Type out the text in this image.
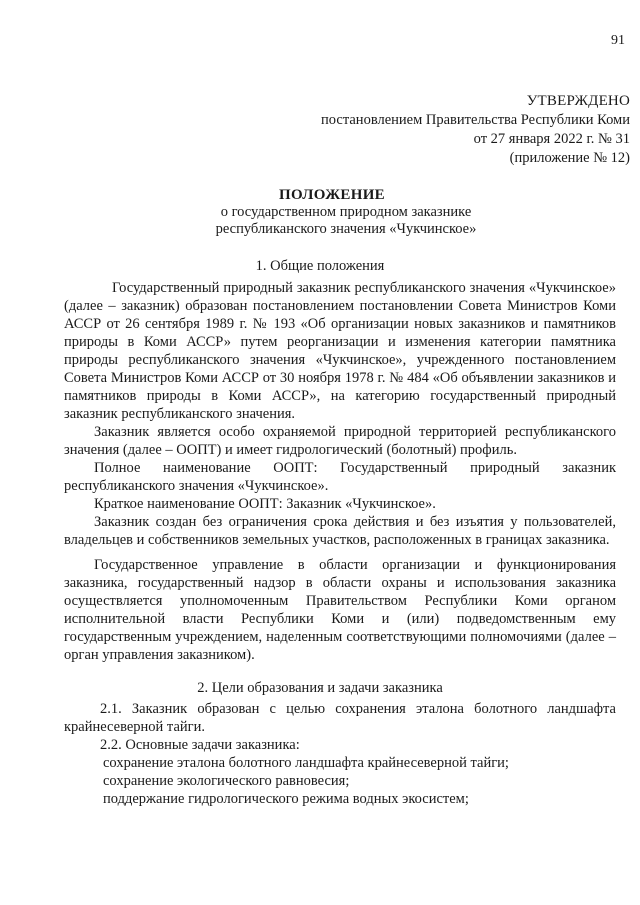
91
УТВЕРЖДЕНО
постановлением Правительства Республики Коми
от 27 января 2022 г. № 31
(приложение № 12)
ПОЛОЖЕНИЕ
о государственном природном заказнике
республиканского значения «Чукчинское»
1. Общие положения

Государственный природный заказник республиканского значения «Чукчинское» (далее – заказник) образован постановлением постановлении Совета Министров Коми АССР от 26 сентября 1989 г. № 193 «Об организации новых заказников и памятников природы в Коми АССР» путем реорганизации и изменения категории памятника природы республиканского значения «Чукчинское», учрежденного постановлением Совета Министров Коми АССР от 30 ноября 1978 г. № 484 «Об объявлении заказников и памятников природы в Коми АССР», на категорию государственный природный заказник республиканского значения.

Заказник является особо охраняемой природной территорией республиканского значения (далее – ООПТ) и имеет гидрологический (болотный) профиль.

Полное наименование ООПТ: Государственный природный заказник республиканского значения «Чукчинское».

Краткое наименование ООПТ: Заказник «Чукчинское».

Заказник создан без ограничения срока действия и без изъятия у пользователей, владельцев и собственников земельных участков, расположенных в границах заказника.

Государственное управление в области организации и функционирования заказника, государственный надзор в области охраны и использования заказника осуществляется уполномоченным Правительством Республики Коми органом исполнительной власти Республики Коми и (или) подведомственным ему государственным учреждением, наделенным соответствующими полномочиями (далее – орган управления заказником).

2. Цели образования и задачи заказника

2.1. Заказник образован с целью сохранения эталона болотного ландшафта крайнесеверной тайги.

2.2. Основные задачи заказника:

сохранение эталона болотного ландшафта крайнесеверной тайги;
сохранение экологического равновесия;
поддержание гидрологического режима водных экосистем;
